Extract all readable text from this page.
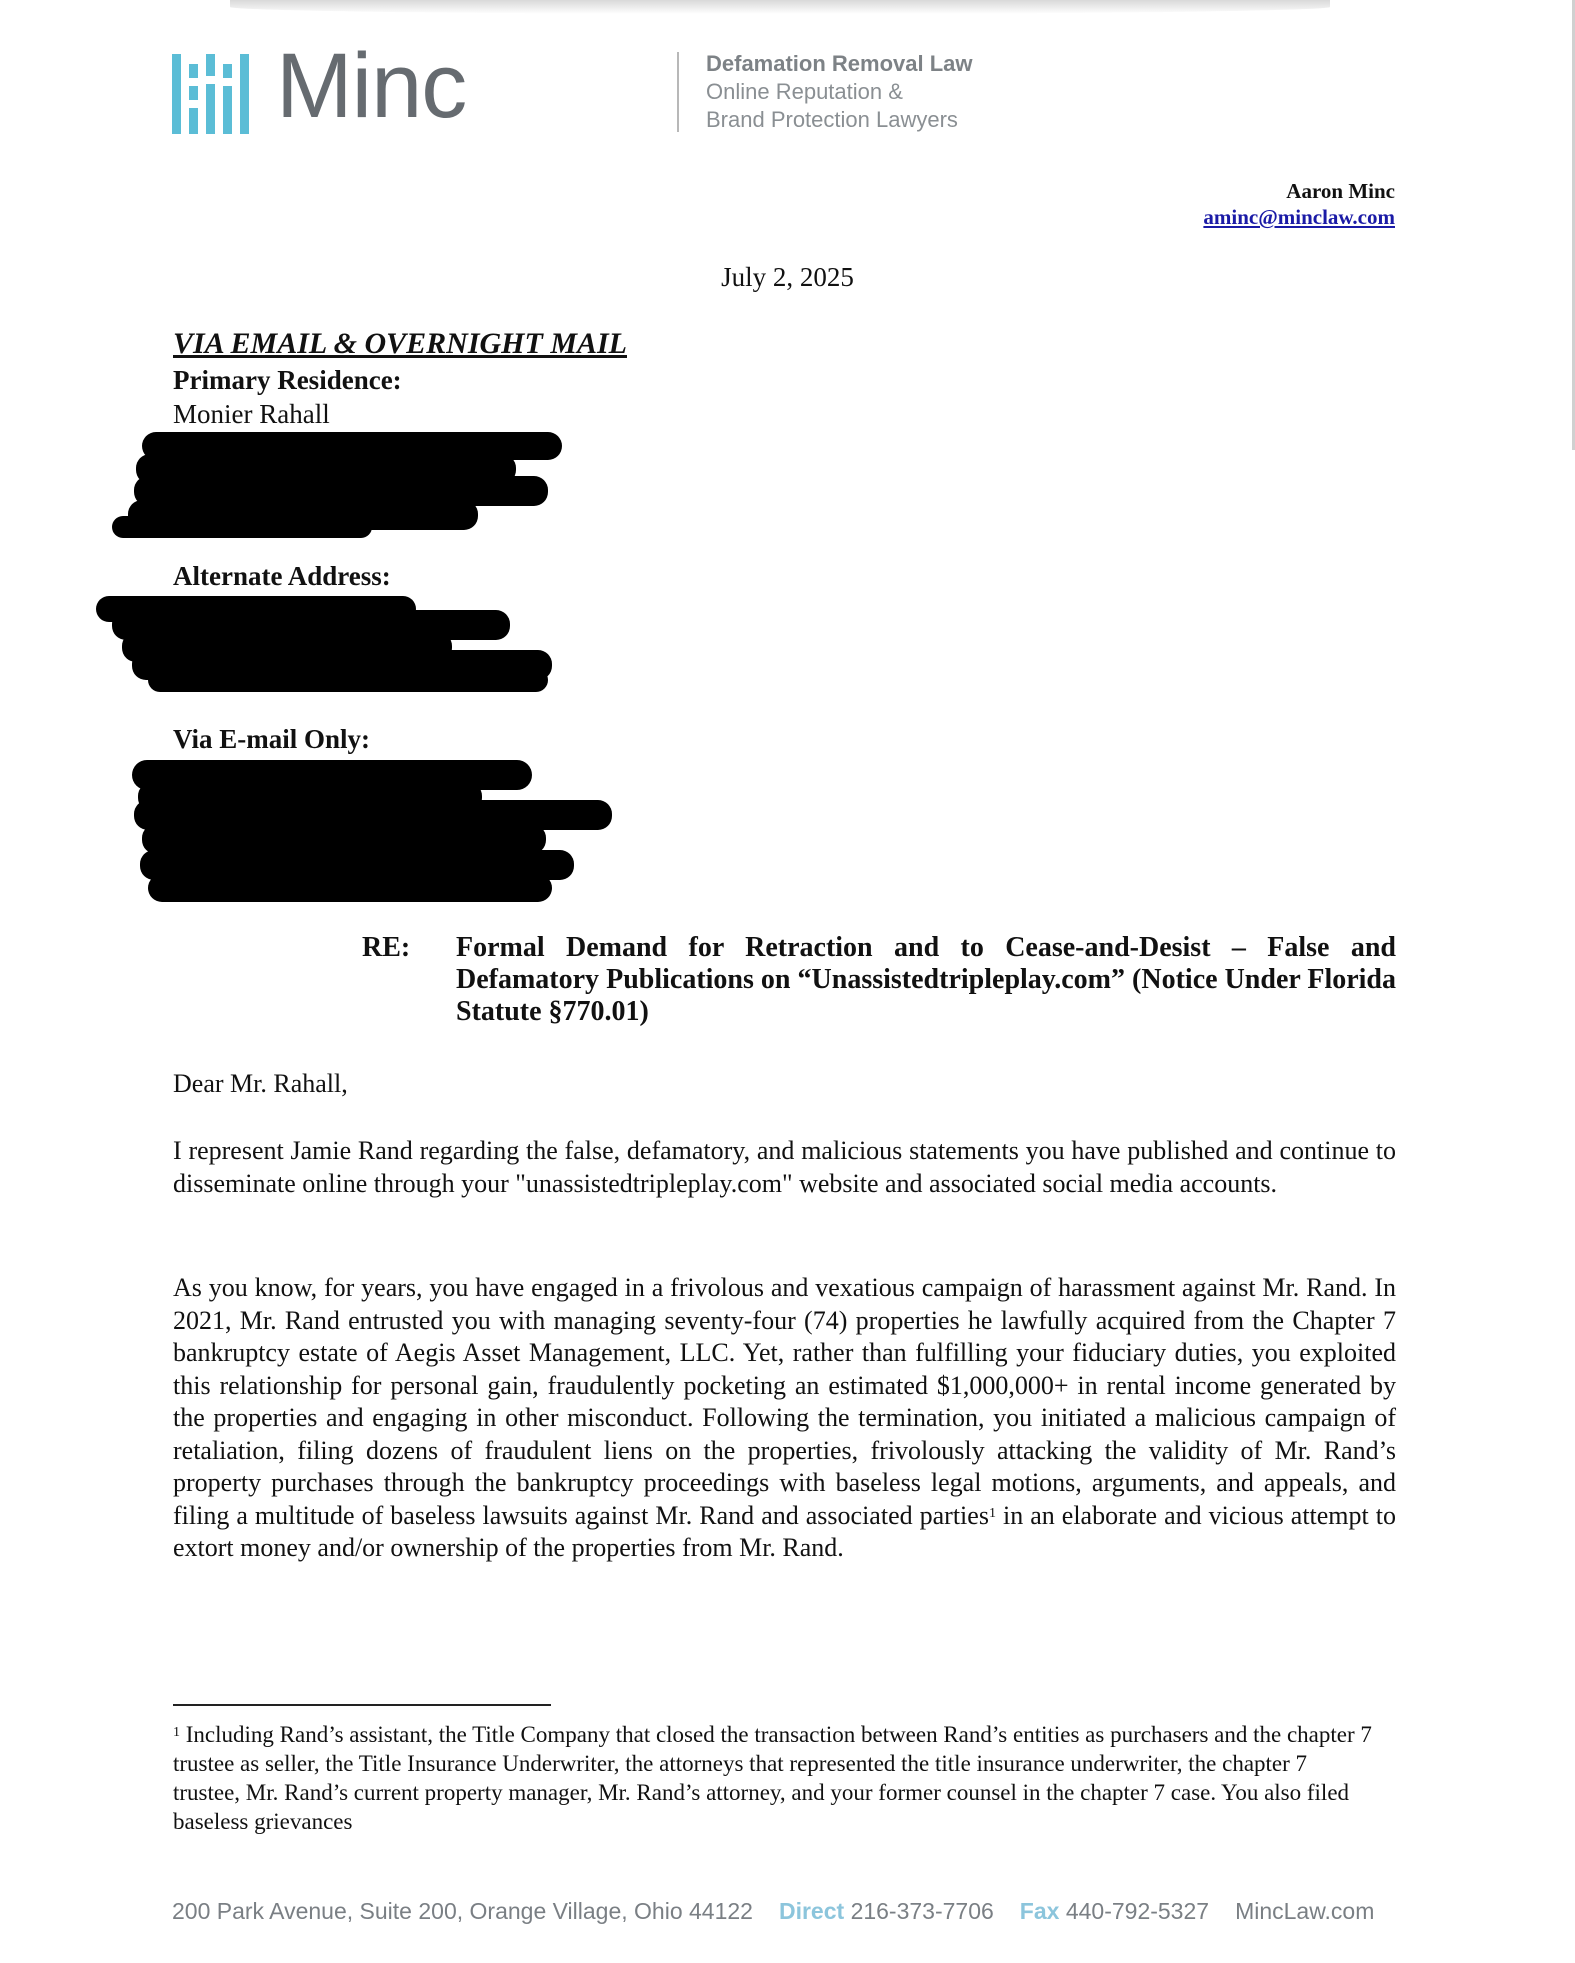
Minc	Defamation Removal Law
Online Reputation &
Brand Protection Lawyers
Aaron Minc
aminc@minclaw.com
July 2, 2025
VIA EMAIL & OVERNIGHT MAIL
Primary Residence:
Monier Rahall
Alternate Address:
Via E-mail Only:
RE: Formal Demand for Retraction and to Cease-and-Desist – False and Defamatory Publications on “Unassistedtripleplay.com” (Notice Under Florida Statute §770.01)
Dear Mr. Rahall,
I represent Jamie Rand regarding the false, defamatory, and malicious statements you have published and continue to disseminate online through your "unassistedtripleplay.com" website and associated social media accounts.
As you know, for years, you have engaged in a frivolous and vexatious campaign of harassment against Mr. Rand. In 2021, Mr. Rand entrusted you with managing seventy-four (74) properties he lawfully acquired from the Chapter 7 bankruptcy estate of Aegis Asset Management, LLC. Yet, rather than fulfilling your fiduciary duties, you exploited this relationship for personal gain, fraudulently pocketing an estimated $1,000,000+ in rental income generated by the properties and engaging in other misconduct. Following the termination, you initiated a malicious campaign of retaliation, filing dozens of fraudulent liens on the properties, frivolously attacking the validity of Mr. Rand’s property purchases through the bankruptcy proceedings with baseless legal motions, arguments, and appeals, and filing a multitude of baseless lawsuits against Mr. Rand and associated parties$^1$ in an elaborate and vicious attempt to extort money and/or ownership of the properties from Mr. Rand.
$^1$ Including Rand’s assistant, the Title Company that closed the transaction between Rand’s entities as purchasers and the chapter 7 trustee as seller, the Title Insurance Underwriter, the attorneys that represented the title insurance underwriter, the chapter 7 trustee, Mr. Rand’s current property manager, Mr. Rand’s attorney, and your former counsel in the chapter 7 case. You also filed baseless grievances
200 Park Avenue, Suite 200, Orange Village, Ohio 44122 Direct 216-373-7706 Fax 440-792-5327 MincLaw.com
